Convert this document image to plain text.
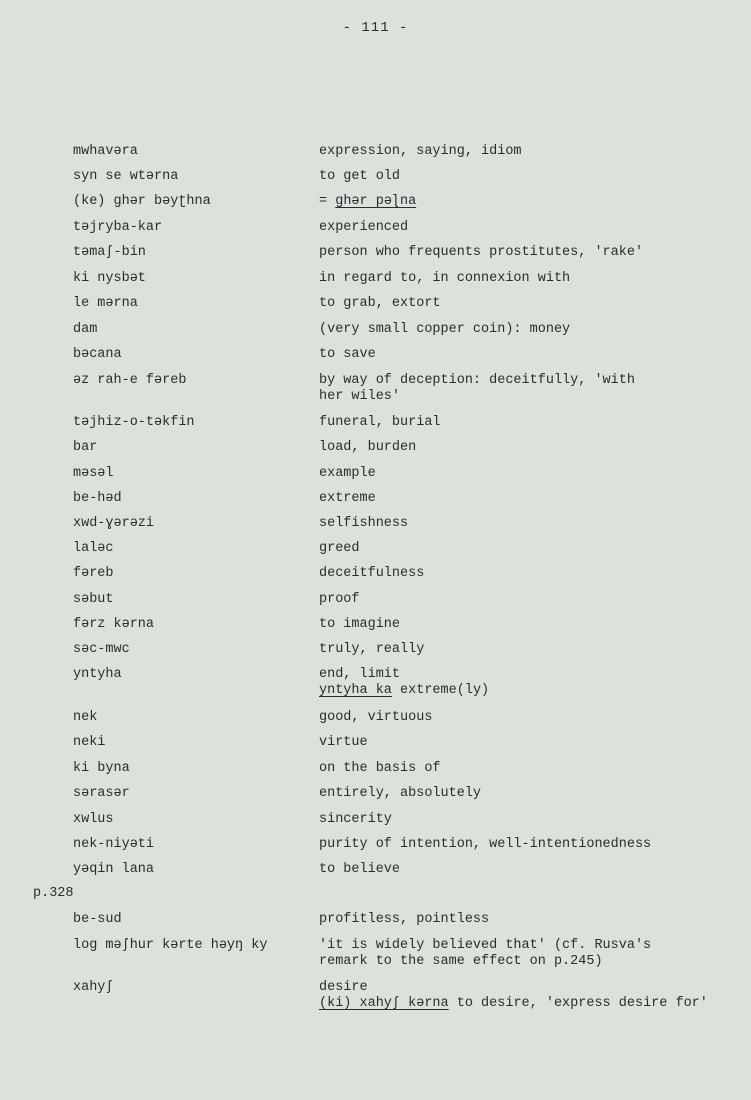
- 111 -
mwhavəra	expression, saying, idiom
syn se wtərna	to get old
(ke) ghər bəyʈhna	= ghər pəɭna
təjryba-kar	experienced
təmaʃ-bin	person who frequents prostitutes, 'rake'
ki nysbət	in regard to, in connexion with
le mərna	to grab, extort
dam	(very small copper coin): money
bəcana	to save
əz rah-e fəreb	by way of deception: deceitfully, 'with
her wiles'
təjhiz-o-təkfin	funeral, burial
bar	load, burden
məsəl	example
be-həd	extreme
xwd-ɣərəzi	selfishness
laləc	greed
fəreb	deceitfulness
səbut	proof
fərz kərna	to imagine
səc-mwc	truly, really
yntyha	end, limit
yntyha ka extreme(ly)
nek	good, virtuous
neki	virtue
ki byna	on the basis of
sərasər	entirely, absolutely
xwlus	sincerity
nek-niyəti	purity of intention, well-intentionedness
yəqin lana	to believe
p.328
be-sud	profitless, pointless
log məʃhur kərte həyŋ ky	'it is widely believed that' (cf. Rusva's
remark to the same effect on p.245)
xahyʃ	desire
(ki) xahyʃ kərna to desire, 'express desire for'
